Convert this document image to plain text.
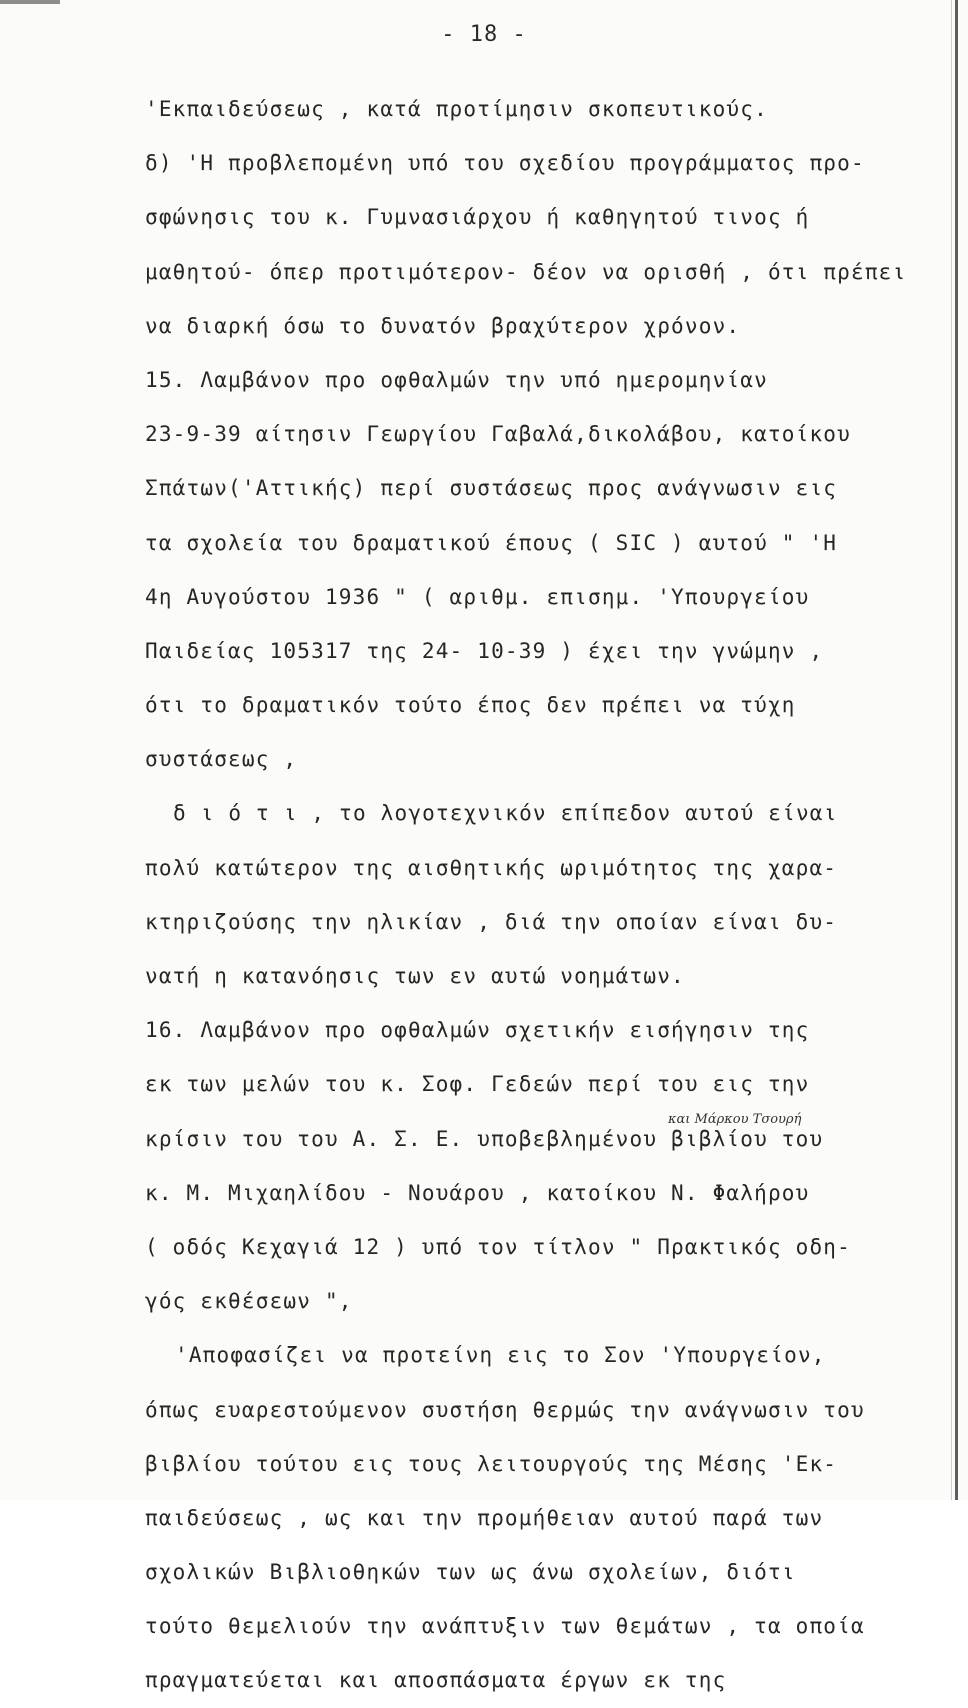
- 18 -
'Εκπαιδεύσεως , κατά προτίμησιν σκοπευτικούς.
δ) 'Η προβλεπομένη υπό του σχεδίου προγράμματος προ-
σφώνησις του κ. Γυμνασιάρχου ή καθηγητού τινος ή
μαθητού- όπερ προτιμότερον- δέον να ορισθή , ότι πρέπει
να διαρκή όσω το δυνατόν βραχύτερον χρόνον.
15. Λαμβάνον προ οφθαλμών την υπό ημερομηνίαν
23-9-39 αίτησιν Γεωργίου Γαβαλά,δικολάβου, κατοίκου
Σπάτων('Αττικής) περί συστάσεως προς ανάγνωσιν εις
τα σχολεία του δραματικού έπους ( SIC ) αυτού " 'Η
4η Αυγούστου 1936 " ( αριθμ. επισημ. 'Υπουργείου
Παιδείας 105317 της 24- 10-39 ) έχει την γνώμην ,
ότι το δραματικόν τούτο έπος δεν πρέπει να τύχη
συστάσεως ,
δ ι ό τ ι , το λογοτεχνικόν επίπεδον αυτού είναι
πολύ κατώτερον της αισθητικής ωριμότητος της χαρα-
κτηριζούσης την ηλικίαν , διά την οποίαν είναι δυ-
νατή η κατανόησις των εν αυτώ νοημάτων.
16. Λαμβάνον προ οφθαλμών σχετικήν εισήγησιν της
εκ των μελών του κ. Σοφ. Γεδεών περί του εις την
κρίσιν του του Α. Σ. Ε. υποβεβλημένου βιβλίου του
κ. Μ. Μιχαηλίδου - Νουάρου , κατοίκου Ν. Φαλήρου
( οδός Κεχαγιά 12 ) υπό τον τίτλον " Πρακτικός οδη-
γός εκθέσεων ",
'Αποφασίζει να προτείνη εις το Σον 'Υπουργείον,
όπως ευαρεστούμενον συστήση θερμώς την ανάγνωσιν του
βιβλίου τούτου εις τους λειτουργούς της Μέσης 'Εκ-
παιδεύσεως , ως και την προμήθειαν αυτού παρά των
σχολικών Βιβλιοθηκών των ως άνω σχολείων, διότι
τούτο θεμελιούν την ανάπτυξιν των θεμάτων , τα οποία
πραγματεύεται και αποσπάσματα έργων εκ της
και Μάρκου Τσουρή
